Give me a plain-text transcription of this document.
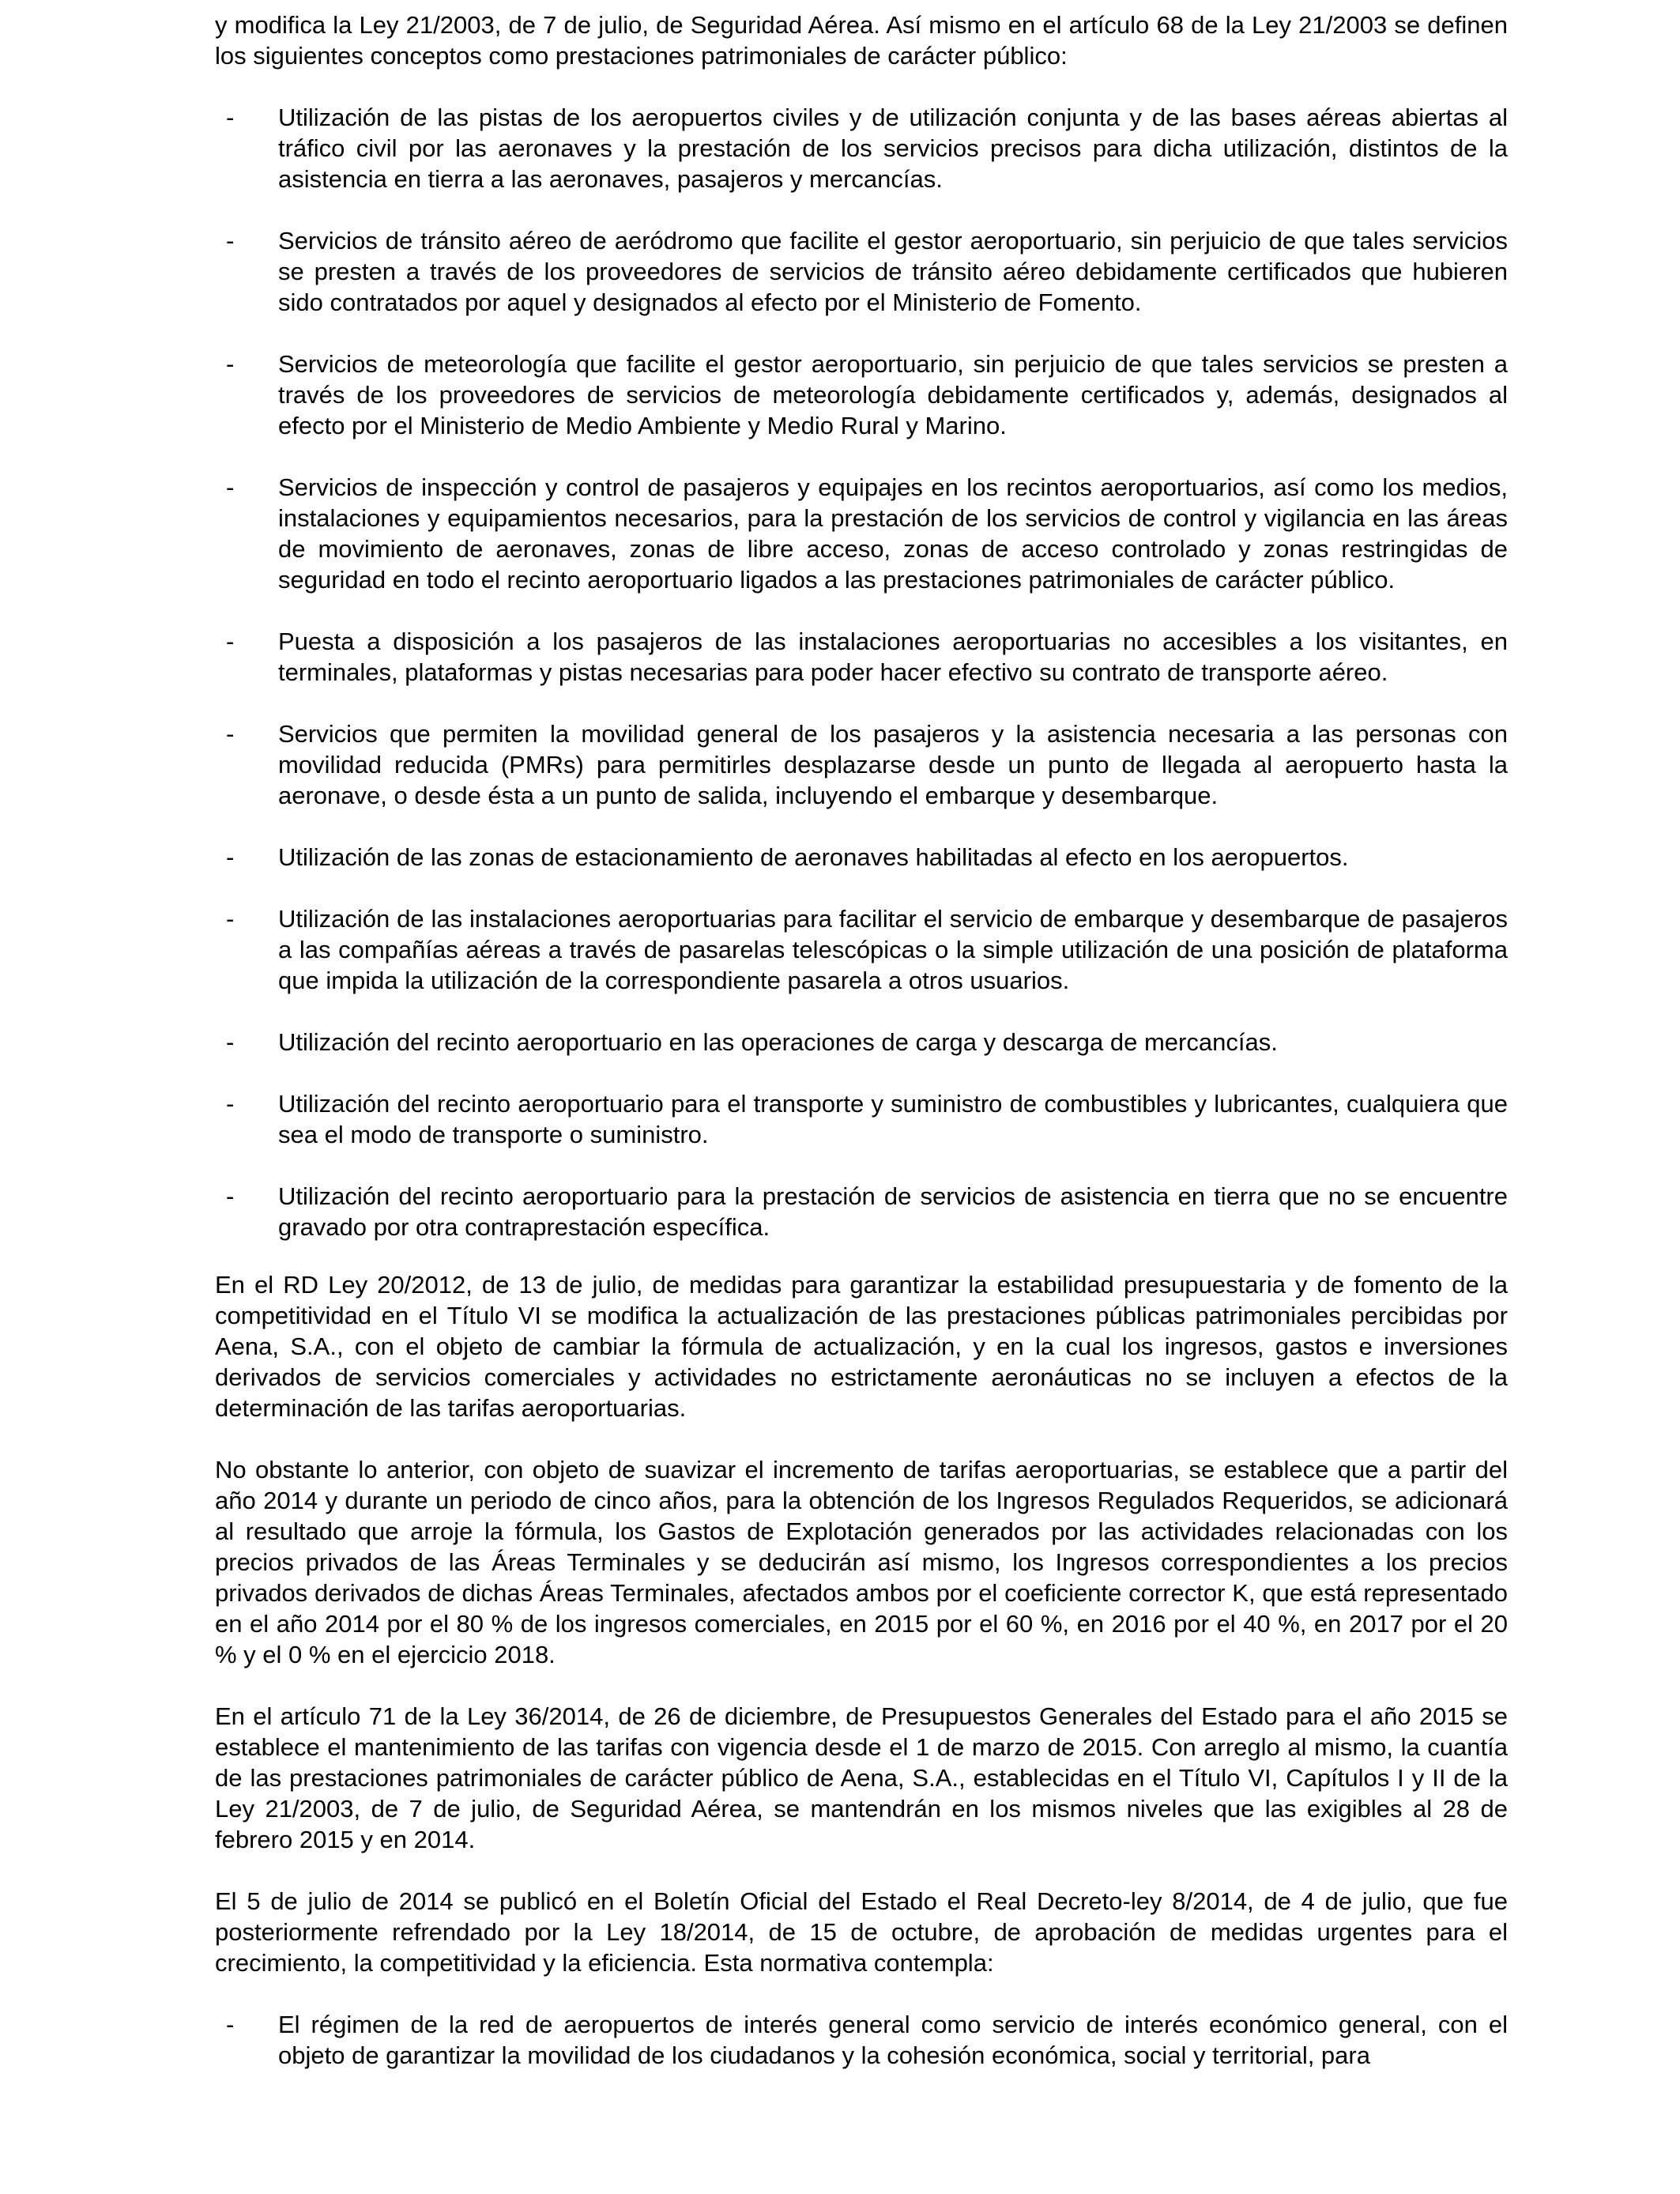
y modifica la Ley 21/2003, de 7 de julio, de Seguridad Aérea. Así mismo en el artículo 68 de la Ley 21/2003 se definen los siguientes conceptos como prestaciones patrimoniales de carácter público:

- Utilización de las pistas de los aeropuertos civiles y de utilización conjunta y de las bases aéreas abiertas al tráfico civil por las aeronaves y la prestación de los servicios precisos para dicha utilización, distintos de la asistencia en tierra a las aeronaves, pasajeros y mercancías.
- Servicios de tránsito aéreo de aeródromo que facilite el gestor aeroportuario, sin perjuicio de que tales servicios se presten a través de los proveedores de servicios de tránsito aéreo debidamente certificados que hubieren sido contratados por aquel y designados al efecto por el Ministerio de Fomento.
- Servicios de meteorología que facilite el gestor aeroportuario, sin perjuicio de que tales servicios se presten a través de los proveedores de servicios de meteorología debidamente certificados y, además, designados al efecto por el Ministerio de Medio Ambiente y Medio Rural y Marino.
- Servicios de inspección y control de pasajeros y equipajes en los recintos aeroportuarios, así como los medios, instalaciones y equipamientos necesarios, para la prestación de los servicios de control y vigilancia en las áreas de movimiento de aeronaves, zonas de libre acceso, zonas de acceso controlado y zonas restringidas de seguridad en todo el recinto aeroportuario ligados a las prestaciones patrimoniales de carácter público.
- Puesta a disposición a los pasajeros de las instalaciones aeroportuarias no accesibles a los visitantes, en terminales, plataformas y pistas necesarias para poder hacer efectivo su contrato de transporte aéreo.
- Servicios que permiten la movilidad general de los pasajeros y la asistencia necesaria a las personas con movilidad reducida (PMRs) para permitirles desplazarse desde un punto de llegada al aeropuerto hasta la aeronave, o desde ésta a un punto de salida, incluyendo el embarque y desembarque.
- Utilización de las zonas de estacionamiento de aeronaves habilitadas al efecto en los aeropuertos.
- Utilización de las instalaciones aeroportuarias para facilitar el servicio de embarque y desembarque de pasajeros a las compañías aéreas a través de pasarelas telescópicas o la simple utilización de una posición de plataforma que impida la utilización de la correspondiente pasarela a otros usuarios.
- Utilización del recinto aeroportuario en las operaciones de carga y descarga de mercancías.
- Utilización del recinto aeroportuario para el transporte y suministro de combustibles y lubricantes, cualquiera que sea el modo de transporte o suministro.
- Utilización del recinto aeroportuario para la prestación de servicios de asistencia en tierra que no se encuentre gravado por otra contraprestación específica.

En el RD Ley 20/2012, de 13 de julio, de medidas para garantizar la estabilidad presupuestaria y de fomento de la competitividad en el Título VI se modifica la actualización de las prestaciones públicas patrimoniales percibidas por Aena, S.A., con el objeto de cambiar la fórmula de actualización, y en la cual los ingresos, gastos e inversiones derivados de servicios comerciales y actividades no estrictamente aeronáuticas no se incluyen a efectos de la determinación de las tarifas aeroportuarias.

No obstante lo anterior, con objeto de suavizar el incremento de tarifas aeroportuarias, se establece que a partir del año 2014 y durante un periodo de cinco años, para la obtención de los Ingresos Regulados Requeridos, se adicionará al resultado que arroje la fórmula, los Gastos de Explotación generados por las actividades relacionadas con los precios privados de las Áreas Terminales y se deducirán así mismo, los Ingresos correspondientes a los precios privados derivados de dichas Áreas Terminales, afectados ambos por el coeficiente corrector K, que está representado en el año 2014 por el 80 % de los ingresos comerciales, en 2015 por el 60 %, en 2016 por el 40 %, en 2017 por el 20 % y el 0 % en el ejercicio 2018.

En el artículo 71 de la Ley 36/2014, de 26 de diciembre, de Presupuestos Generales del Estado para el año 2015 se establece el mantenimiento de las tarifas con vigencia desde el 1 de marzo de 2015. Con arreglo al mismo, la cuantía de las prestaciones patrimoniales de carácter público de Aena, S.A., establecidas en el Título VI, Capítulos I y II de la Ley 21/2003, de 7 de julio, de Seguridad Aérea, se mantendrán en los mismos niveles que las exigibles al 28 de febrero 2015 y en 2014.

El 5 de julio de 2014 se publicó en el Boletín Oficial del Estado el Real Decreto-ley 8/2014, de 4 de julio, que fue posteriormente refrendado por la Ley 18/2014, de 15 de octubre, de aprobación de medidas urgentes para el crecimiento, la competitividad y la eficiencia. Esta normativa contempla:

- El régimen de la red de aeropuertos de interés general como servicio de interés económico general, con el objeto de garantizar la movilidad de los ciudadanos y la cohesión económica, social y territorial, para
